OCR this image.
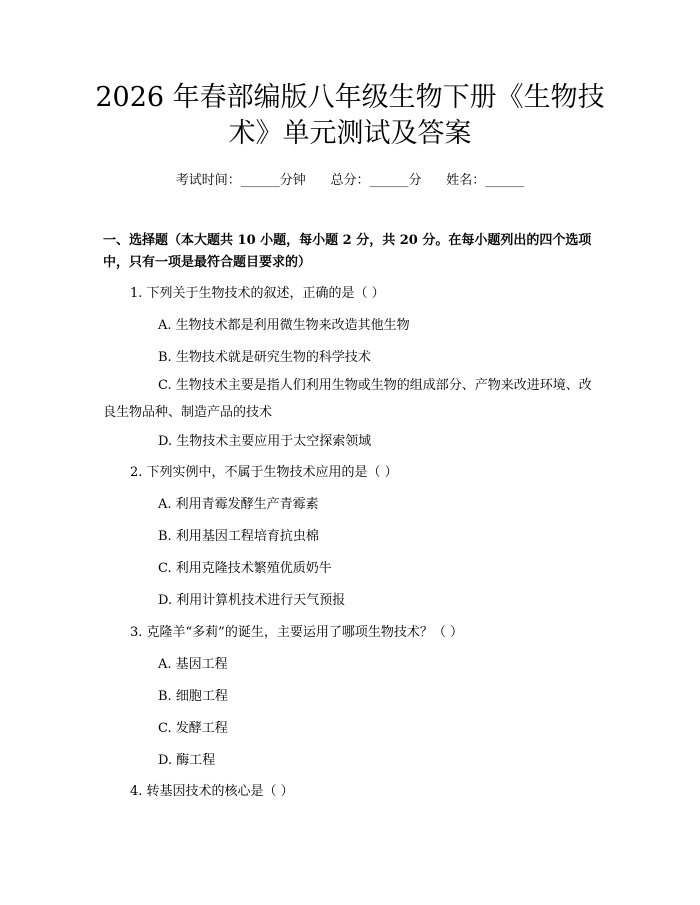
2026 年春部编版八年级生物下册《生物技术》单元测试及答案
考试时间：______分钟      总分：______分      姓名：______
一、选择题（本大题共 10 小题，每小题 2 分，共 20 分。在每小题列出的四个选项中，只有一项是最符合题目要求的）
1. 下列关于生物技术的叙述，正确的是（ ）
A. 生物技术都是利用微生物来改造其他生物
B. 生物技术就是研究生物的科学技术
C. 生物技术主要是指人们利用生物或生物的组成部分、产物来改进环境、改良生物品种、制造产品的技术
D. 生物技术主要应用于太空探索领域
2. 下列实例中，不属于生物技术应用的是（ ）
A. 利用青霉发酵生产青霉素
B. 利用基因工程培育抗虫棉
C. 利用克隆技术繁殖优质奶牛
D. 利用计算机技术进行天气预报
3. 克隆羊“多莉”的诞生，主要运用了哪项生物技术？（ ）
A. 基因工程
B. 细胞工程
C. 发酵工程
D. 酶工程
4. 转基因技术的核心是（ ）
